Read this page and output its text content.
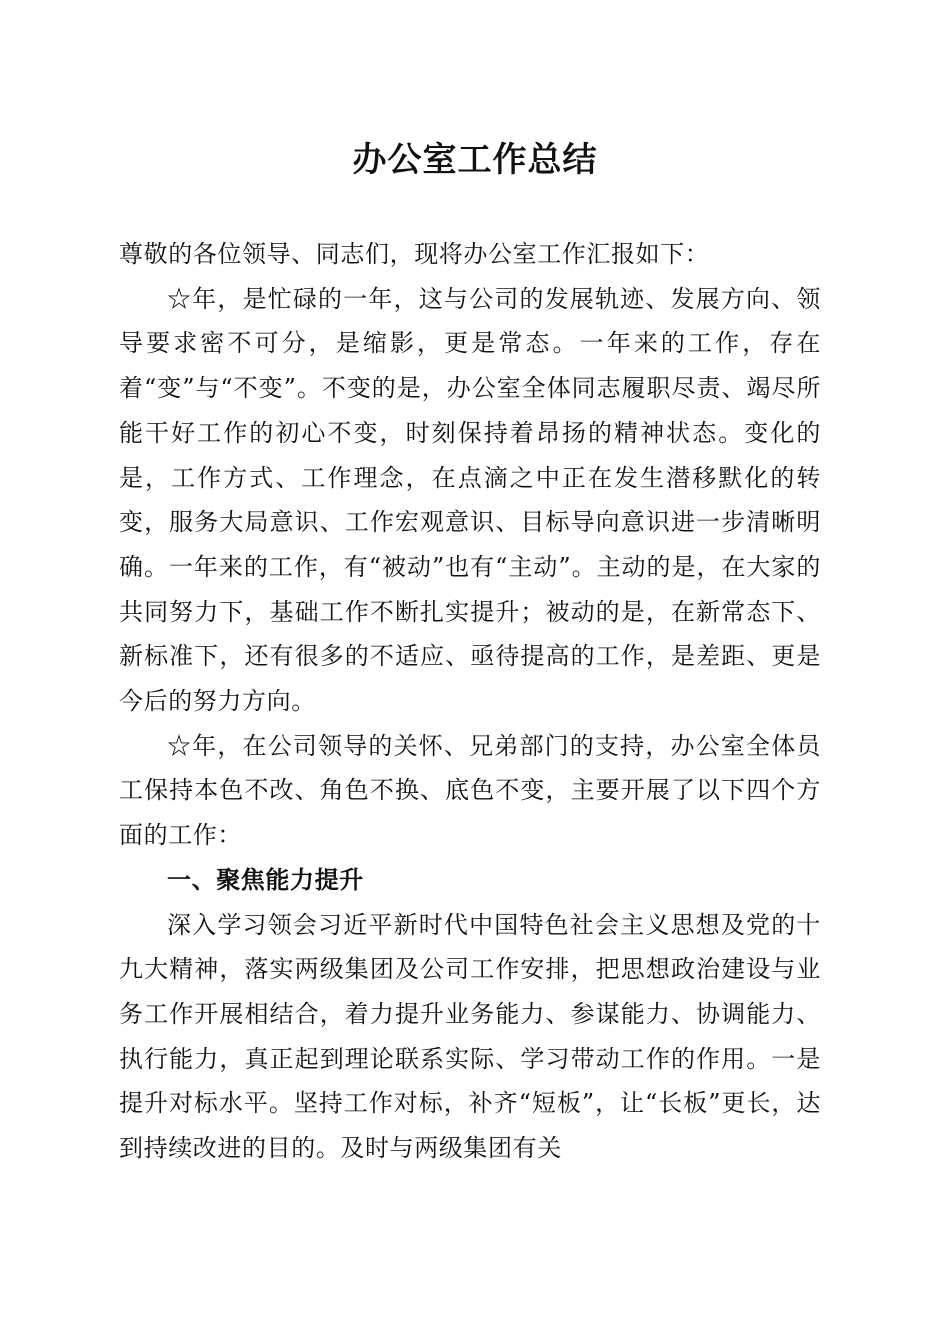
办公室工作总结

尊敬的各位领导、同志们，现将办公室工作汇报如下：

☆年，是忙碌的一年，这与公司的发展轨迹、发展方向、领导要求密不可分，是缩影，更是常态。一年来的工作，存在着“变”与“不变”。不变的是，办公室全体同志履职尽责、竭尽所能干好工作的初心不变，时刻保持着昂扬的精神状态。变化的是，工作方式、工作理念，在点滴之中正在发生潜移默化的转变，服务大局意识、工作宏观意识、目标导向意识进一步清晰明确。一年来的工作，有“被动”也有“主动”。主动的是，在大家的共同努力下，基础工作不断扎实提升；被动的是，在新常态下、新标准下，还有很多的不适应、亟待提高的工作，是差距、更是今后的努力方向。

☆年，在公司领导的关怀、兄弟部门的支持，办公室全体员工保持本色不改、角色不换、底色不变，主要开展了以下四个方面的工作：

一、聚焦能力提升

深入学习领会习近平新时代中国特色社会主义思想及党的十九大精神，落实两级集团及公司工作安排，把思想政治建设与业务工作开展相结合，着力提升业务能力、参谋能力、协调能力、执行能力，真正起到理论联系实际、学习带动工作的作用。一是提升对标水平。坚持工作对标，补齐“短板”，让“长板”更长，达到持续改进的目的。及时与两级集团有关
